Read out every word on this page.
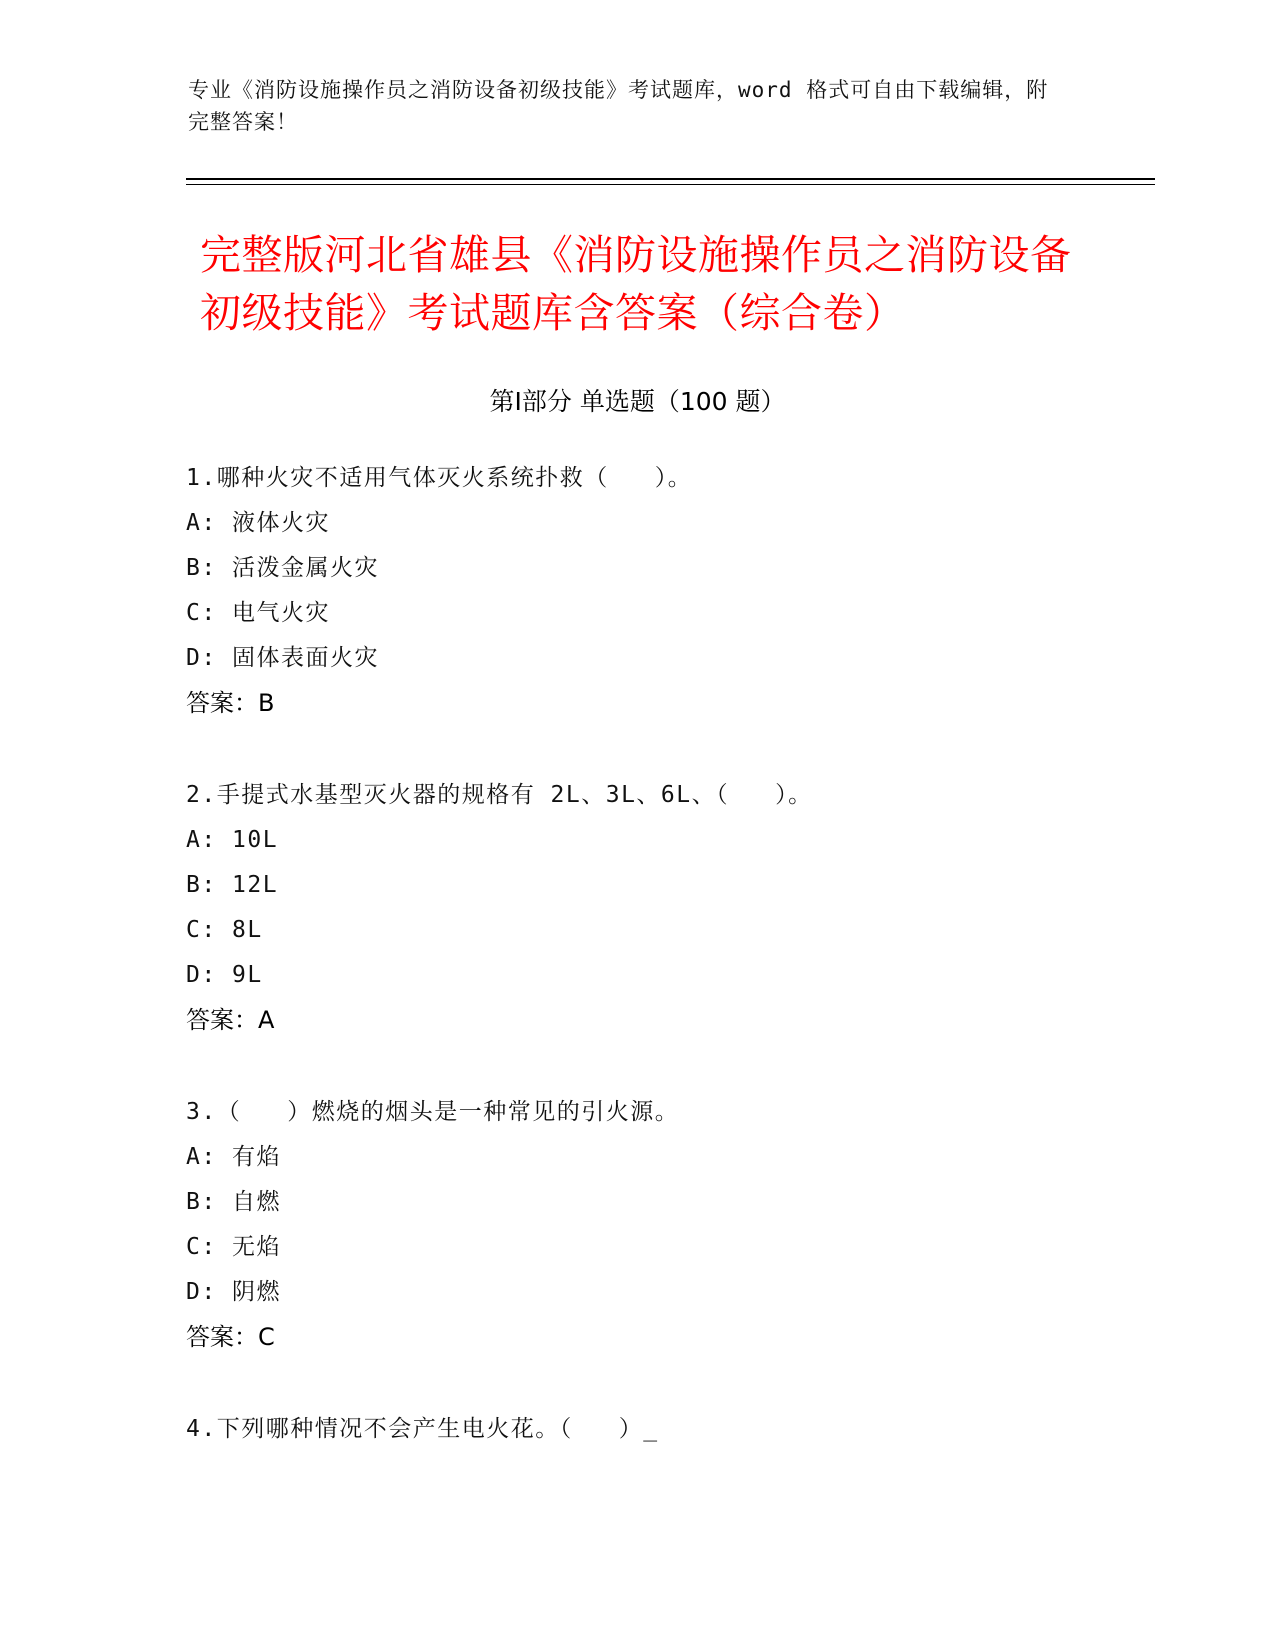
专业《消防设施操作员之消防设备初级技能》考试题库，word 格式可自由下载编辑，附完整答案！
完整版河北省雄县《消防设施操作员之消防设备初级技能》考试题库含答案（综合卷）
第Ⅰ部分 单选题（100 题）
1.哪种火灾不适用气体灭火系统扑救（   ）。
A: 液体火灾
B: 活泼金属火灾
C: 电气火灾
D: 固体表面火灾
答案：B
2.手提式水基型灭火器的规格有 2L、3L、6L、（   ）。
A: 10L
B: 12L
C: 8L
D: 9L
答案：A
3.（   ）燃烧的烟头是一种常见的引火源。
A: 有焰
B: 自燃
C: 无焰
D: 阴燃
答案：C
4.下列哪种情况不会产生电火花。（   ）_
